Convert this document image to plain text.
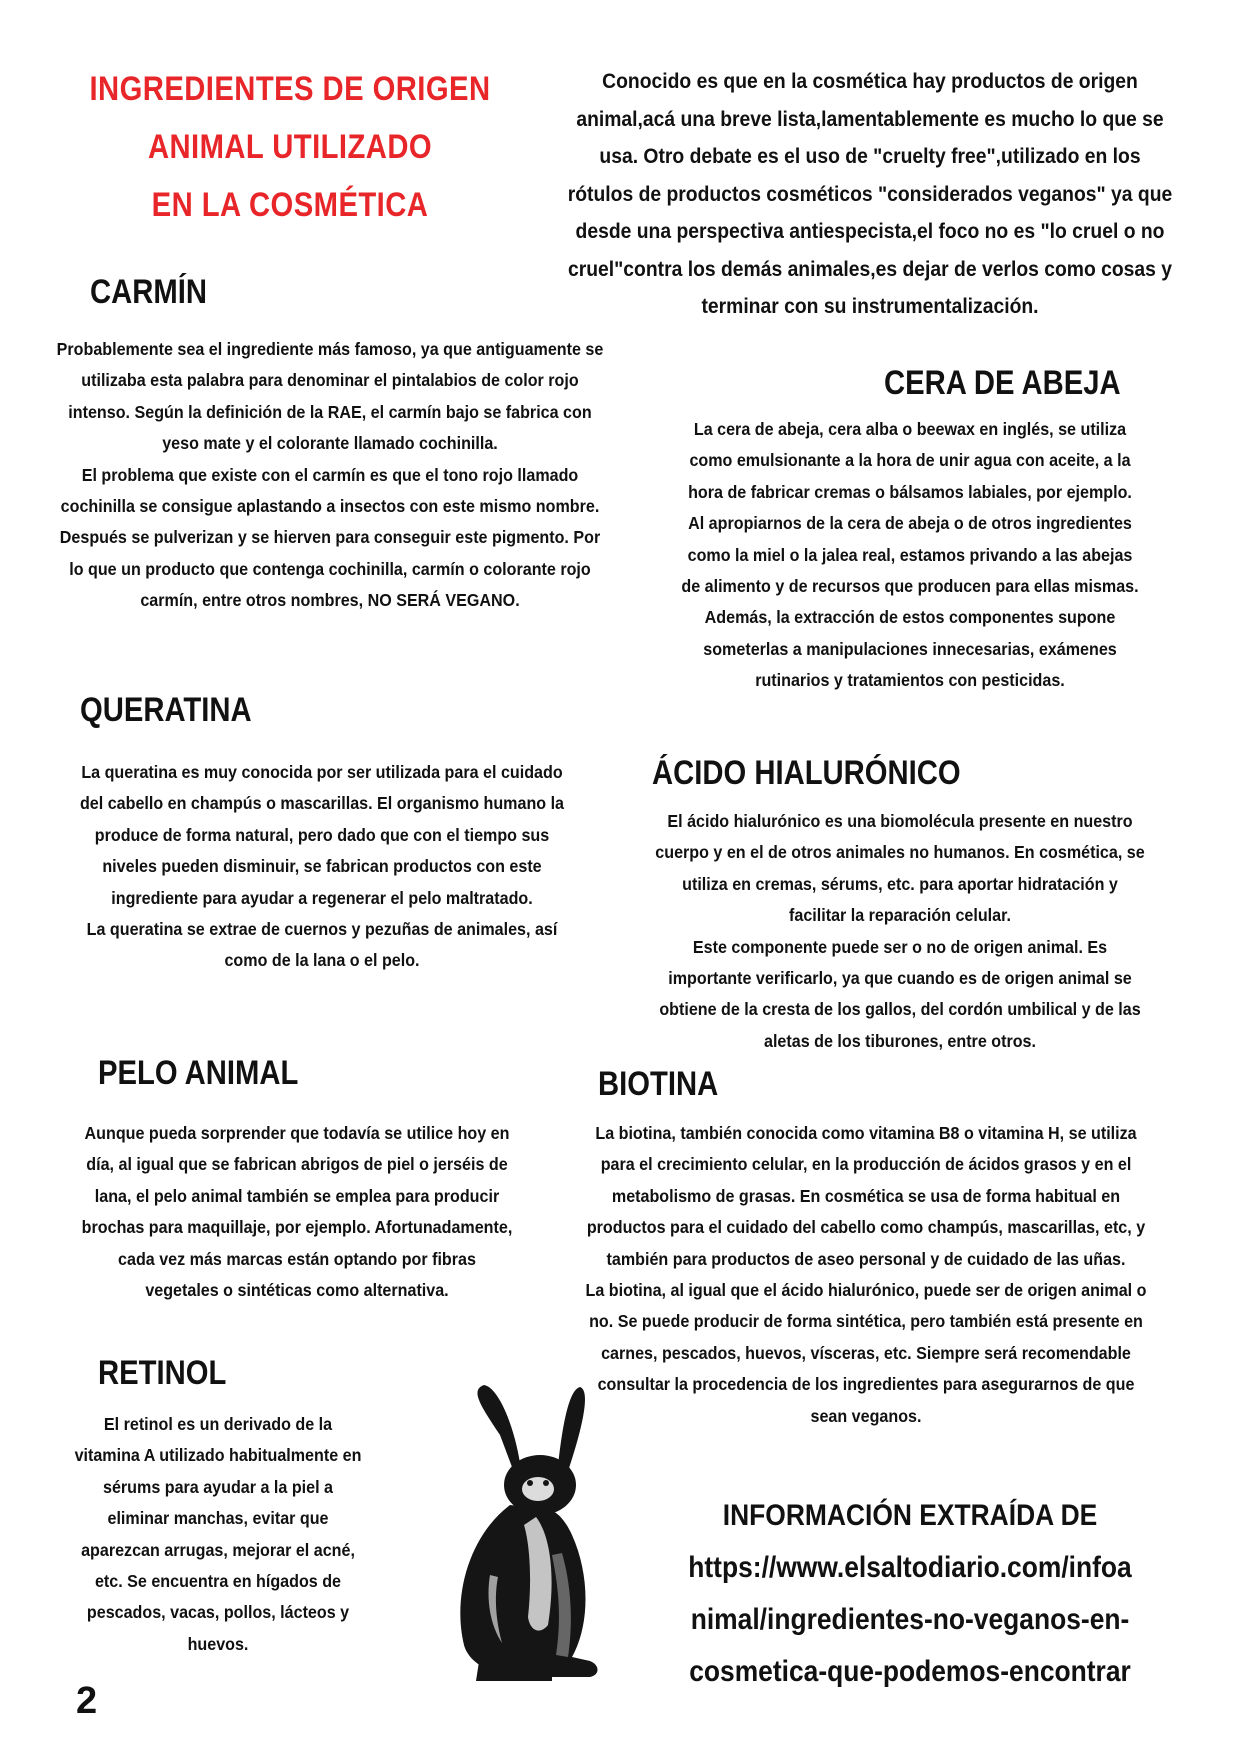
INGREDIENTES DE ORIGEN
ANIMAL UTILIZADO
EN LA COSMÉTICA

Conocido es que en la cosmética hay productos de origen animal,acá una breve lista,lamentablemente es mucho lo que se usa. Otro debate es el uso de "cruelty free",utilizado en los rótulos de productos cosméticos "considerados veganos" ya que desde una perspectiva antiespecista,el foco no es "lo cruel o no cruel"contra los demás animales,es dejar de verlos como cosas y terminar con su instrumentalización.

CARMÍN

Probablemente sea el ingrediente más famoso, ya que antiguamente se utilizaba esta palabra para denominar el pintalabios de color rojo intenso. Según la definición de la RAE, el carmín bajo se fabrica con yeso mate y el colorante llamado cochinilla.

El problema que existe con el carmín es que el tono rojo llamado cochinilla se consigue aplastando a insectos con este mismo nombre. Después se pulverizan y se hierven para conseguir este pigmento. Por lo que un producto que contenga cochinilla, carmín o colorante rojo carmín, entre otros nombres, NO SERÁ VEGANO.

CERA DE ABEJA

La cera de abeja, cera alba o beewax en inglés, se utiliza como emulsionante a la hora de unir agua con aceite, a la hora de fabricar cremas o bálsamos labiales, por ejemplo. Al apropiarnos de la cera de abeja o de otros ingredientes como la miel o la jalea real, estamos privando a las abejas de alimento y de recursos que producen para ellas mismas.

Además, la extracción de estos componentes supone someterlas a manipulaciones innecesarias, exámenes rutinarios y tratamientos con pesticidas.

QUERATINA

La queratina es muy conocida por ser utilizada para el cuidado del cabello en champús o mascarillas. El organismo humano la produce de forma natural, pero dado que con el tiempo sus niveles pueden disminuir, se fabrican productos con este ingrediente para ayudar a regenerar el pelo maltratado.

La queratina se extrae de cuernos y pezuñas de animales, así como de la lana o el pelo.

ÁCIDO HIALURÓNICO

El ácido hialurónico es una biomolécula presente en nuestro cuerpo y en el de otros animales no humanos. En cosmética, se utiliza en cremas, sérums, etc. para aportar hidratación y facilitar la reparación celular.

Este componente puede ser o no de origen animal. Es importante verificarlo, ya que cuando es de origen animal se obtiene de la cresta de los gallos, del cordón umbilical y de las aletas de los tiburones, entre otros.

PELO ANIMAL

Aunque pueda sorprender que todavía se utilice hoy en día, al igual que se fabrican abrigos de piel o jerséis de lana, el pelo animal también se emplea para producir brochas para maquillaje, por ejemplo. Afortunadamente, cada vez más marcas están optando por fibras vegetales o sintéticas como alternativa.

BIOTINA

La biotina, también conocida como vitamina B8 o vitamina H, se utiliza para el crecimiento celular, en la producción de ácidos grasos y en el metabolismo de grasas. En cosmética se usa de forma habitual en productos para el cuidado del cabello como champús, mascarillas, etc, y también para productos de aseo personal y de cuidado de las uñas.

La biotina, al igual que el ácido hialurónico, puede ser de origen animal o no. Se puede producir de forma sintética, pero también está presente en carnes, pescados, huevos, vísceras, etc. Siempre será recomendable consultar la procedencia de los ingredientes para asegurarnos de que sean veganos.

RETINOL

El retinol es un derivado de la vitamina A utilizado habitualmente en sérums para ayudar a la piel a eliminar manchas, evitar que aparezcan arrugas, mejorar el acné, etc. Se encuentra en hígados de pescados, vacas, pollos, lácteos y huevos.

INFORMACIÓN EXTRAÍDA DE
https://www.elsaltodiario.com/infoa
nimal/ingredientes-no-veganos-en-
cosmetica-que-podemos-encontrar
2
